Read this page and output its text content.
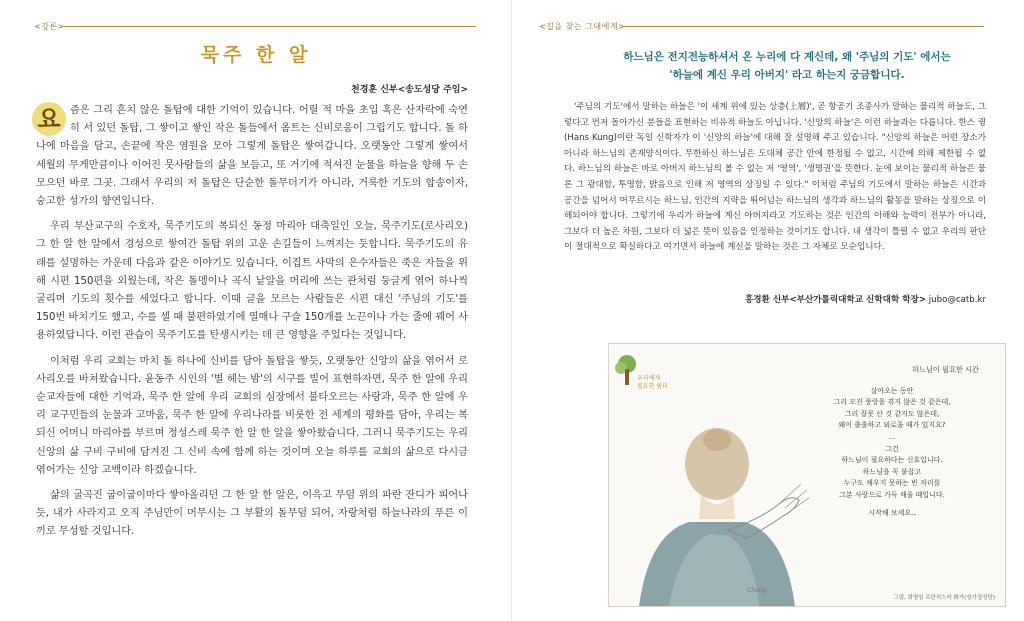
<강론>
묵주 한 알
천경훈 신부<송도성당 주임>

요 즘은 그리 흔치 않은 돌탑에 대한 기억이 있습니다. 어릴 적 마을 초입 혹은 산자락에 숙연히 서 있던 돌탑, 그 쌓이고 쌓인 작은 돌들에서 옴트는 신비로움이 그립기도 합니다. 돌 하나에 마음을 담고, 손끝에 작은 염원을 모아 그렇게 돌탑은 쌓여갑니다. 오랫동안 그렇게 쌓여서 세월의 무게만큼이나 이어진 뭇사람들의 삶을 보듬고, 또 거기에 적셔진 눈물을 하늘을 향해 두 손 모으던 바로 그곳. 그래서 우리의 저 돌탑은 단순한 돌무더기가 아니라, 거룩한 기도의 합송이자, 숭고한 성가의 향연입니다.

우리 부산교구의 수호자, 묵주기도의 복되신 동정 마리아 대축일인 오늘, 묵주기도(로사리오) 그 한 알 한 알에서 경성으로 쌓여간 돌탑 위의 고운 손길들이 느껴지는 듯합니다. 묵주기도의 유래를 설명하는 가운데 다음과 같은 이야기도 있습니다. 이집트 사막의 은수자들은 죽은 자들을 위해 시편 150편을 외웠는데, 작은 돌멩이나 곡식 낱알을 머리에 쓰는 관처럼 둥글게 엮어 하나씩 굴리며 기도의 횟수를 세었다고 합니다. 이때 글을 모르는 사람들은 시편 대신 '주님의 기도'를 150번 바치기도 했고, 수를 셀 때 불편하였기에 열매나 구슬 150개를 노끈이나 가는 줄에 꿰어 사용하였답니다. 이런 관습이 묵주기도를 탄생시키는 데 큰 영향을 주었다는 것입니다.

이처럼 우리 교회는 마치 돌 하나에 신비를 담아 돌탑을 쌓듯, 오랫동안 신앙의 삶을 엮어서 로사리오를 바쳐왔습니다. 윤동주 시인의 '별 헤는 밤'의 시구를 빌어 표현하자면, 묵주 한 알에 우리 순교자들에 대한 기억과, 묵주 한 알에 우리 교회의 심장에서 불타오르는 사랑과, 묵주 한 알에 우리 교구민들의 눈물과 고마움, 묵주 한 알에 우리나라를 비롯한 전 세계의 평화를 담아, 우리는 복되신 어머니 마리아를 부르며 정성스레 묵주 한 알 한 알을 쌓아왔습니다. 그러니 묵주기도는 우리 신앙의 삶 구비 구비에 담겨진 그 신비 속에 함께 하는 것이며 오늘 하루를 교회의 삶으로 다시금 엮어가는 신앙 고백이라 하겠습니다.

삶의 굴곡진 굽이굽이마다 쌓아올리던 그 한 알 한 알은, 이윽고 무덤 위의 파란 잔디가 피어나듯, 내가 사라지고 오직 주님만이 머무시는 그 부활의 돌무덤 되어, 자랑처럼 하늘나라의 푸른 이끼로 무성할 것입니다.

<길을 찾는 그대에게>
하느님은 전지전능하셔서 온 누리에 다 계신데, 왜 '주님의 기도' 에서는
'하늘에 계신 우리 아버지' 라고 하는지 궁금합니다.
'주님의 기도'에서 말하는 하늘은 '이 세계 위에 있는 상층(上層)', 곧 항공기 조종사가 말하는 물리적 하늘도, 그렇다고 먼저 돌아가신 분들을 표현하는 비유적 하늘도 아닙니다. '신앙의 하늘'은 이런 하늘과는 다릅니다. 한스 큉(Hans Kung)이란 독일 신학자가 이 '신앙의 하늘'에 대해 잘 설명해 주고 있습니다. "신앙의 하늘은 어떤 장소가 아니라 하느님의 존재양식이다. 무한하신 하느님은 도대체 공간 안에 한정될 수 없고, 시간에 의해 제한될 수 없다. 하느님의 하늘은 바로 아버지 하느님의 볼 수 없는 저 '영역', '생명권'을 뜻한다. 눈에 보이는 물리적 하늘은 물론 그 광대함, 투명함, 밝음으로 인해 저 영역의 상징일 수 있다." 이처럼 주님의 기도에서 말하는 하늘은 시간과 공간을 넘어서 머무르시는 하느님, 인간의 지략을 뛰어넘는 하느님의 생각과 하느님의 활동을 말하는 상징으로 이해되어야 합니다. 그렇기에 우리가 하늘에 계신 아버지라고 기도하는 것은 인간의 이해와 능력이 전부가 아니라, 그보다 더 높은 차원, 그보다 더 넓은 뜻이 있음을 인정하는 것이기도 합니다. 내 생각이 틀릴 수 없고 우리의 판단이 절대적으로 확실하다고 여기면서 하늘에 계신을 말하는 것은 그 자체로 모순입니다.
홍경환 신부<부산가톨릭대학교 신학대학 학장> jubo@catb.kr
우리에게
필요한 쉼터
하느님이 필요한 시간
살아오는 동안
그리 모진 풍랑을 겪지 않은 것 같은데,
그리 잘못 산 것 같지도 않은데,
왜이 출출하고 외로울 때가 있지요?
...
그건
하느님이 필요하다는 신호입니다.
하느님을 꼭 붙잡고
누구도 채우지 못하는 빈 자리를
그분 사랑으로 가득 채울 때입니다.
시작해 보세요..
Chung
그림, 최명임 프란치스카 화가(성가정성당)
